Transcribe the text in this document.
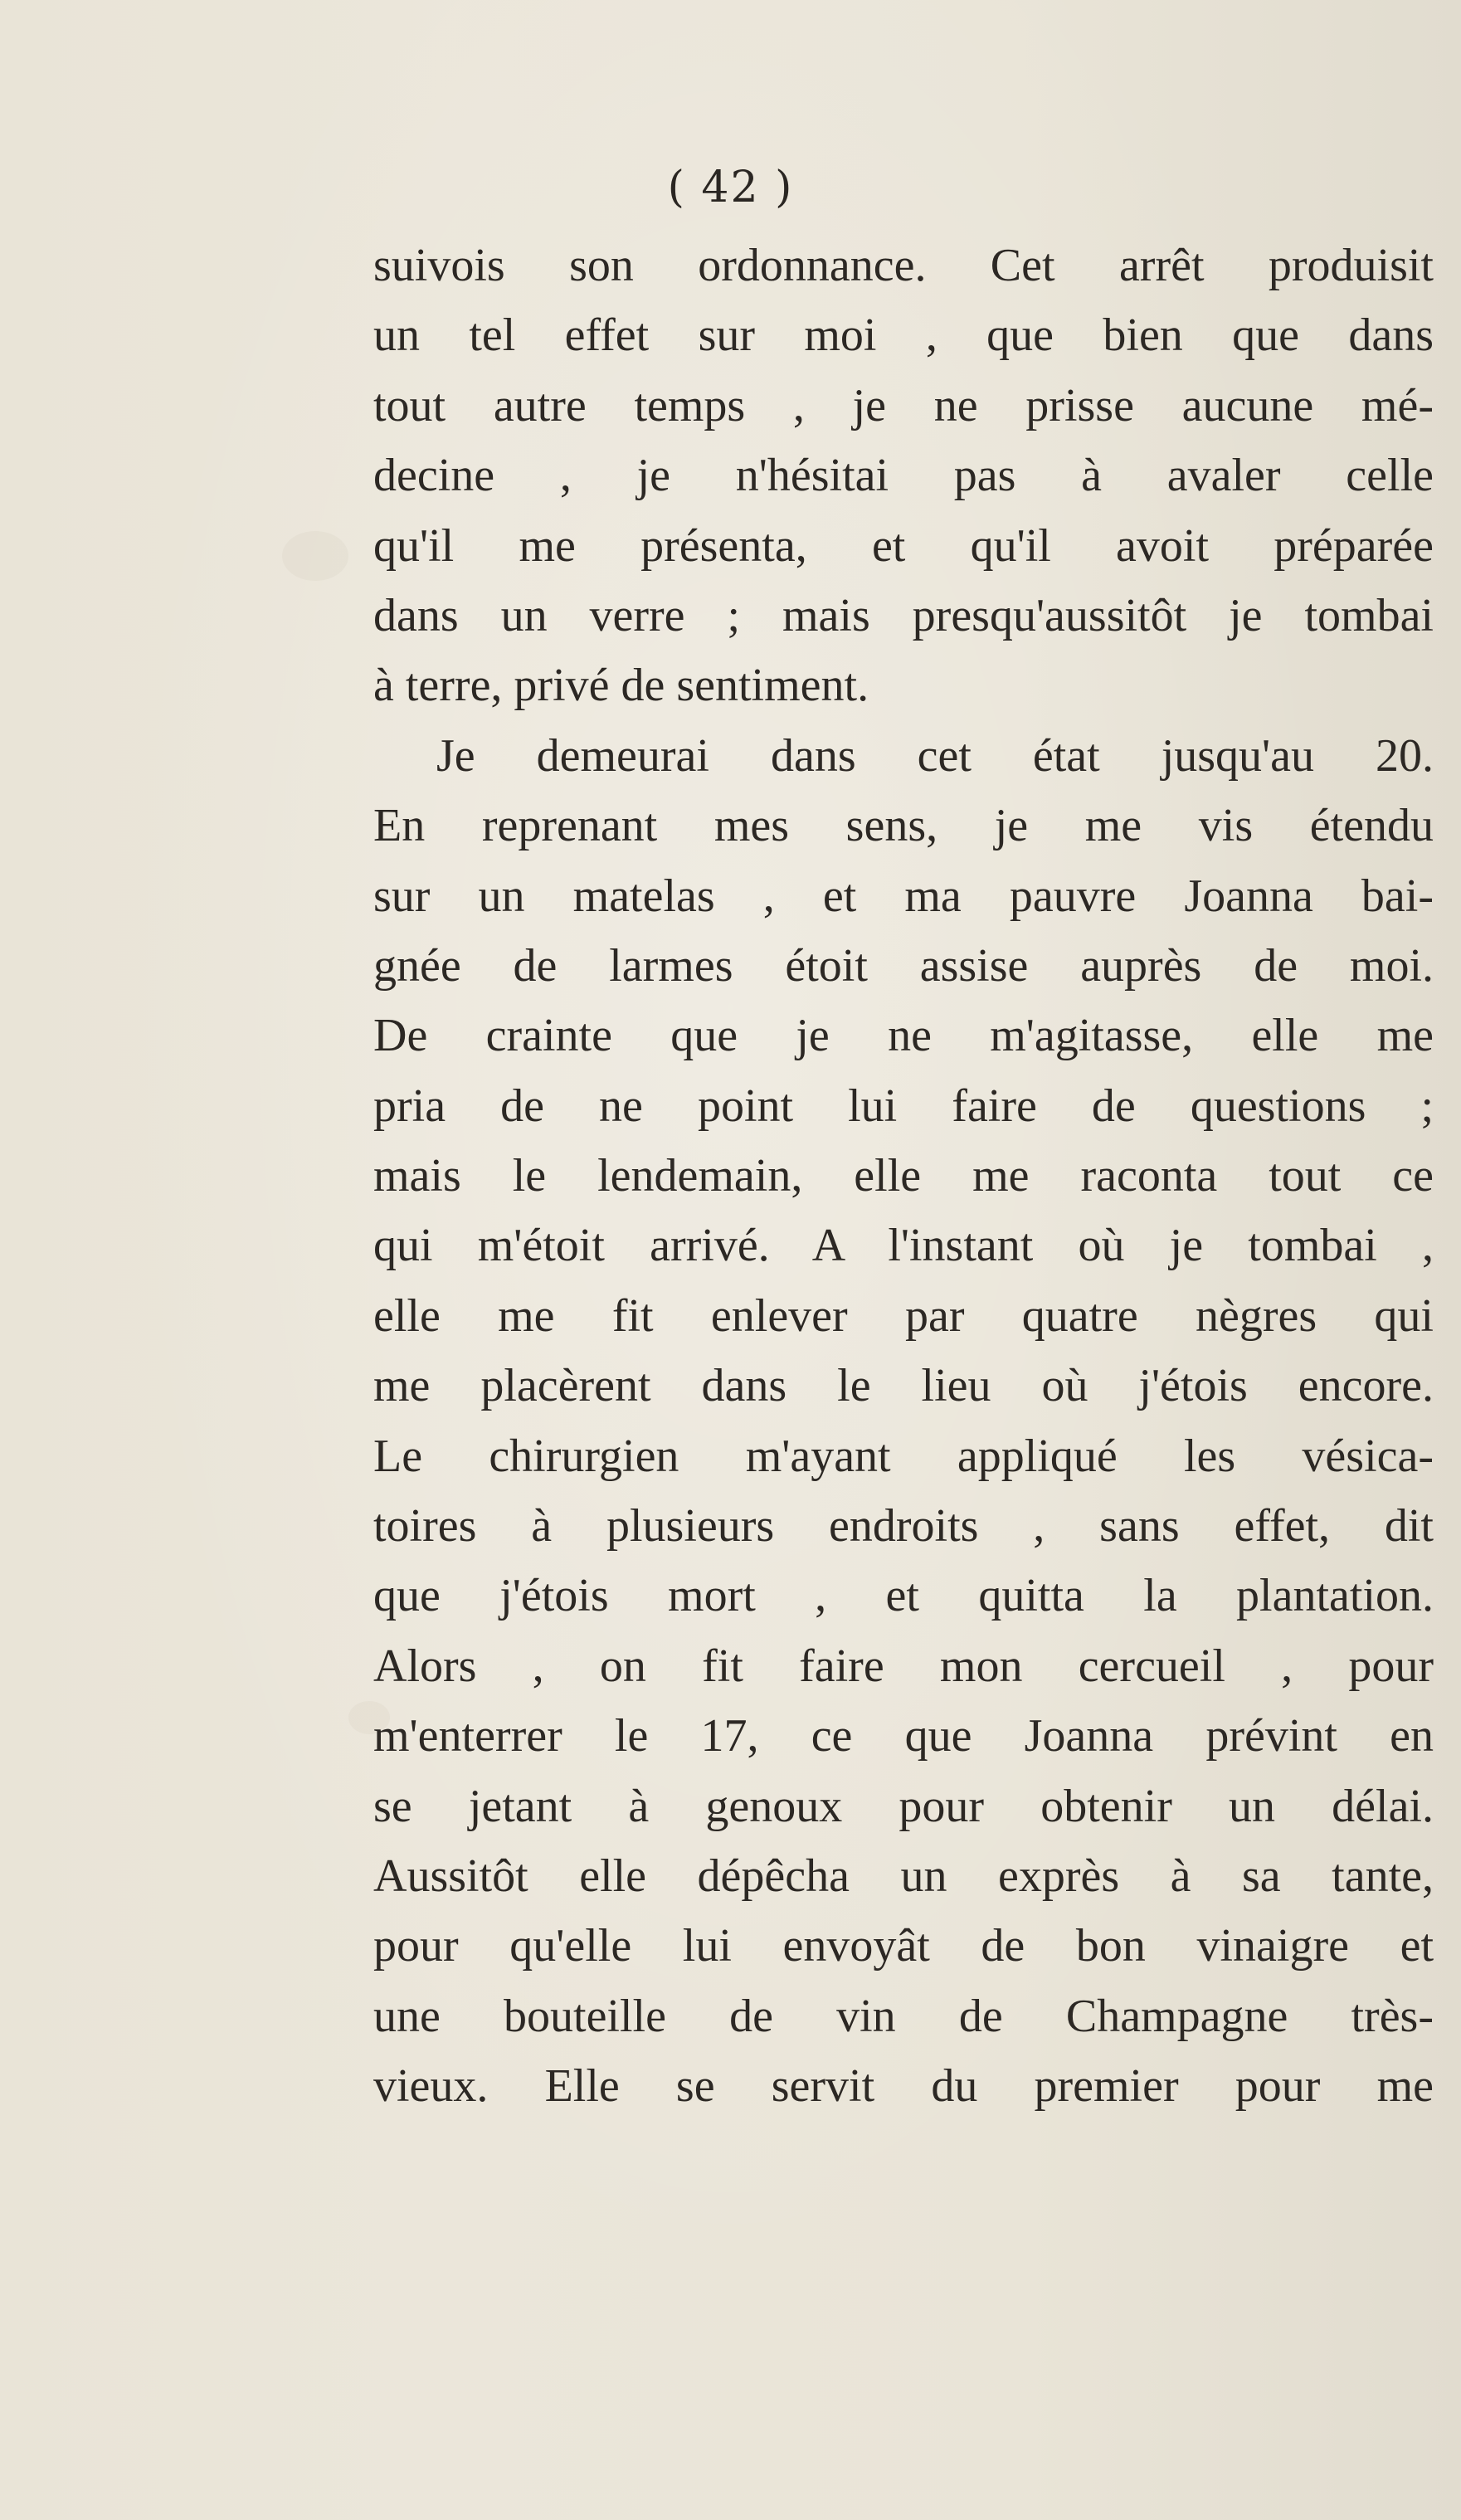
( 42 )
suivois son ordonnance. Cet arrêt produisit
un tel effet sur moi , que bien que dans
tout autre temps , je ne prisse aucune mé-
decine , je n'hésitai pas à avaler celle
qu'il me présenta, et qu'il avoit préparée
dans un verre ; mais presqu'aussitôt je tombai
à terre, privé de sentiment.
Je demeurai dans cet état jusqu'au 20.
En reprenant mes sens, je me vis étendu
sur un matelas , et ma pauvre Joanna bai-
gnée de larmes étoit assise auprès de moi.
De crainte que je ne m'agitasse, elle me
pria de ne point lui faire de questions ;
mais le lendemain, elle me raconta tout ce
qui m'étoit arrivé. A l'instant où je tombai ,
elle me fit enlever par quatre nègres qui
me placèrent dans le lieu où j'étois encore.
Le chirurgien m'ayant appliqué les vésica-
toires à plusieurs endroits , sans effet, dit
que j'étois mort , et quitta la plantation.
Alors , on fit faire mon cercueil , pour
m'enterrer le 17, ce que Joanna prévint en
se jetant à genoux pour obtenir un délai.
Aussitôt elle dépêcha un exprès à sa tante,
pour qu'elle lui envoyât de bon vinaigre et
une bouteille de vin de Champagne très-
vieux. Elle se servit du premier pour me
